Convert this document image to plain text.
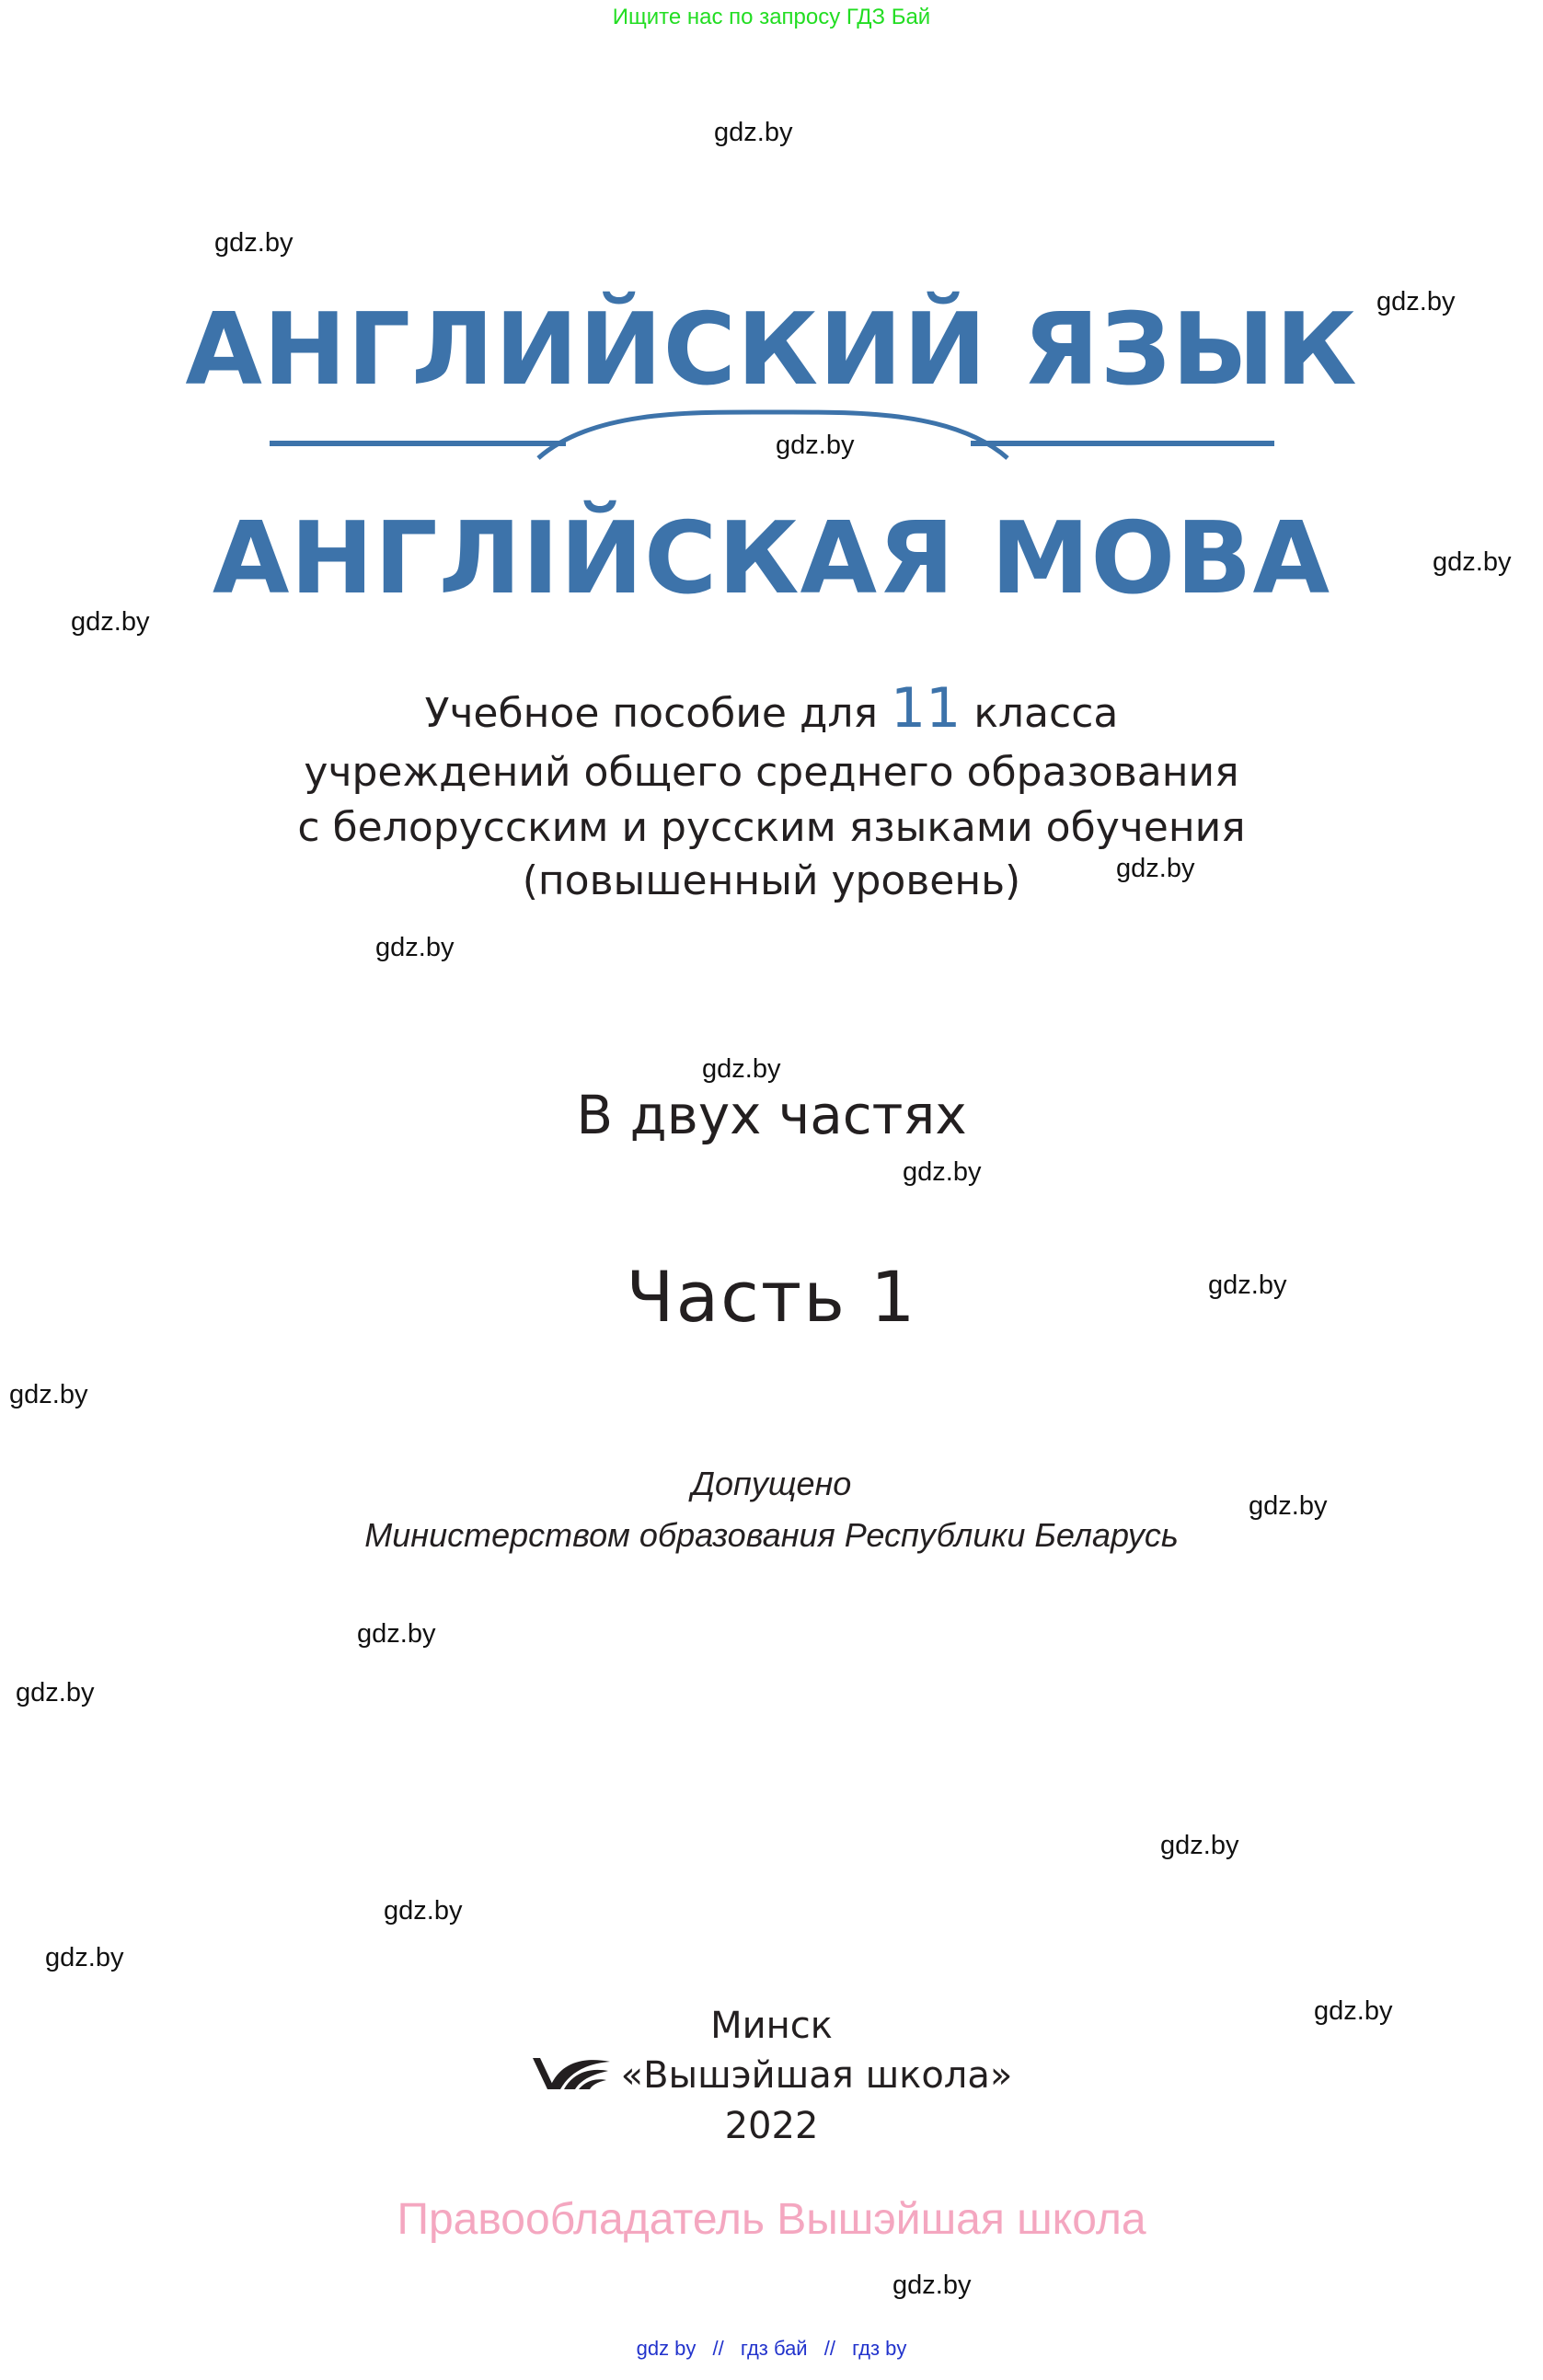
Ищите нас по запросу ГДЗ Бай
АНГЛИЙСКИЙ ЯЗЫК
АНГЛІЙСКАЯ МОВА
Учебное пособие для 11 класса
учреждений общего среднего образования
с белорусским и русским языками обучения
(повышенный уровень)
В двух частях
Часть 1
Допущено
Министерством образования Республики Беларусь
Минск
«Вышэйшая школа»
2022
Правообладатель Вышэйшая школа
gdz by // гдз бай // гдз by
gdz.by
gdz.by
gdz.by
gdz.by
gdz.by
gdz.by
gdz.by
gdz.by
gdz.by
gdz.by
gdz.by
gdz.by
gdz.by
gdz.by
gdz.by
gdz.by
gdz.by
gdz.by
gdz.by
gdz.by
